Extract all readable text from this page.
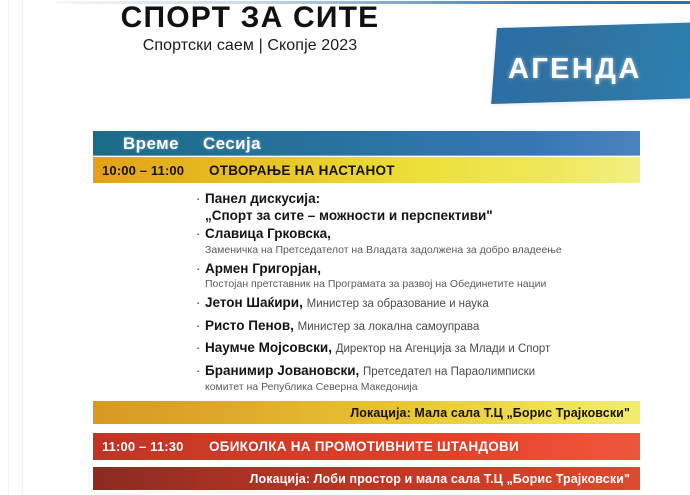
СПОРТ ЗА СИТЕ
Спортски саем | Скопје 2023
АГЕНДА
Време	Сесија
10:00 – 11:00	ОТВОРАЊЕ НА НАСТАНОТ
· Панел дискусија:
„Спорт за сите – можности и перспективи"
· Славица Грковска,
Заменичка на Претседателот на Владата задолжена за добро владеење
· Армен Григорјан,
Постојан претставник на Програмата за развој на Обединетите нации
· Јетон Шаќири, Министер за образование и наука
· Ристо Пенов, Министер за локална самоуправа
· Наумче Мојсовски, Директор на Агенција за Млади и Спорт
· Бранимир Јовановски, Претседател на Параолимписки
комитет на Република Северна Македонија
Локација: Мала сала Т.Ц „Борис Трајковски"
11:00 – 11:30	ОБИКОЛКА НА ПРОМОТИВНИТЕ ШТАНДОВИ
Локација: Лоби простор и мала сала Т.Ц „Борис Трајковски"
